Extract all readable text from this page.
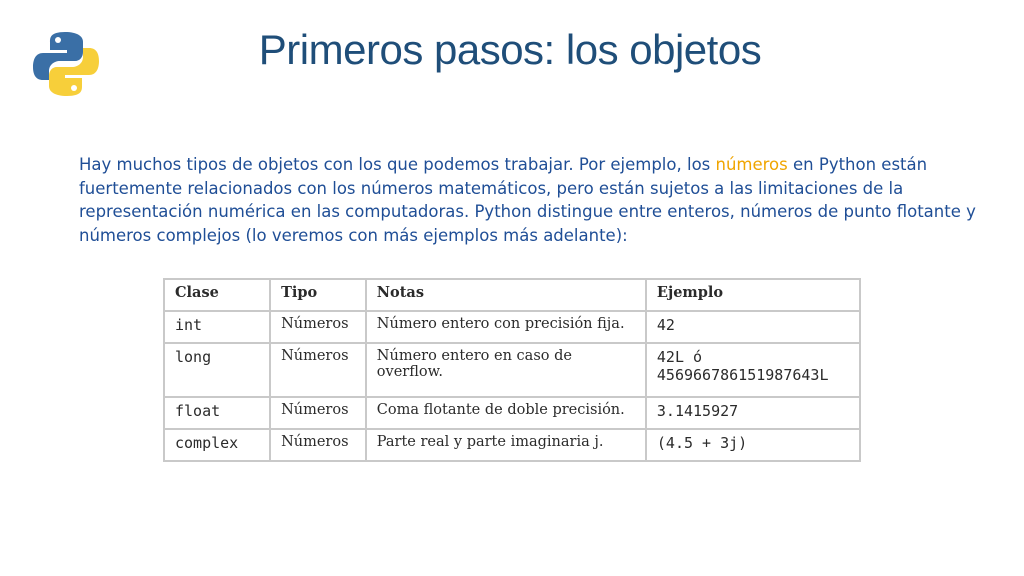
Primeros pasos: los objetos

Hay muchos tipos de objetos con los que podemos trabajar. Por ejemplo, los números en Python están fuertemente relacionados con los números matemáticos, pero están sujetos a las limitaciones de la representación numérica en las computadoras. Python distingue entre enteros, números de punto flotante y números complejos (lo veremos con más ejemplos más adelante):

Clase	Tipo	Notas	Ejemplo
int	Números	Número entero con precisión fija.	42

long	Números	Número entero en caso de overflow.	42L ó
456966786151987643L

float	Números	Coma flotante de doble precisión.	3.1415927

complex	Números	Parte real y parte imaginaria j.	(4.5 + 3j)
